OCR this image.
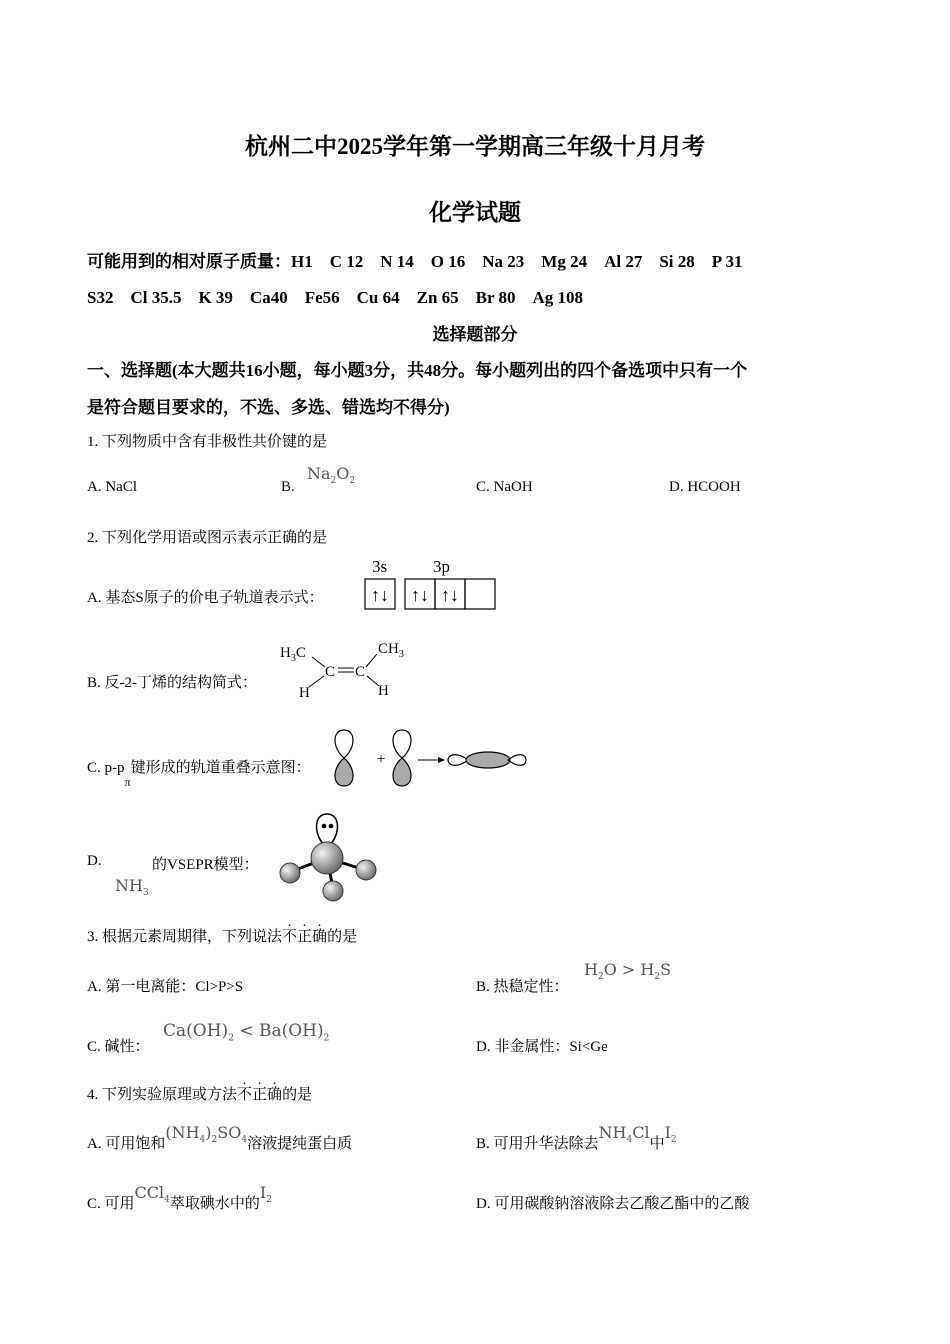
杭州二中2025学年第一学期高三年级十月月考
化学试题
可能用到的相对原子质量：H1　C 12　N 14　O 16　Na 23　Mg 24　Al 27　Si 28　P 31
S32　Cl 35.5　K 39　Ca40　Fe56　Cu 64　Zn 65　Br 80　Ag 108
选择题部分
一、选择题(本大题共16小题，每小题3分，共48分。每小题列出的四个备选项中只有一个
是符合题目要求的，不选、多选、错选均不得分)
1. 下列物质中含有非极性共价键的是
A. NaCl	B.
$Na_2O_2$	C. NaOH	D. HCOOH
2. 下列化学用语或图示表示正确的是
A. 基态S原子的价电子轨道表示式：
3s	3p
↑↓ ↑↓ ↑↓
B. 反-2-丁烯的结构简式：
$H_3C$	$CH_3$
C C
H	H
C. $p-p_\pi$键形成的轨道重叠示意图：	+
D.	的VSEPR模型：
$NH_3$
3. 根据元素周期律，下列说法不正确的是
A. 第一电离能：Cl>P>S	B. 热稳定性：
$H_2O > H_2S$
C. 碱性：
$Ca(OH)_2 < Ba(OH)_2$
D. 非金属性：Si<Ge
4. 下列实验原理或方法不正确的是
A. 可用饱和$(NH_4)_2SO_4$溶液提纯蛋白质	B. 可用升华法除去$NH_4Cl$中$I_2$
C. 可用CCl$_4$萃取碘水中的$I_2$	D. 可用碳酸钠溶液除去乙酸乙酯中的乙酸
